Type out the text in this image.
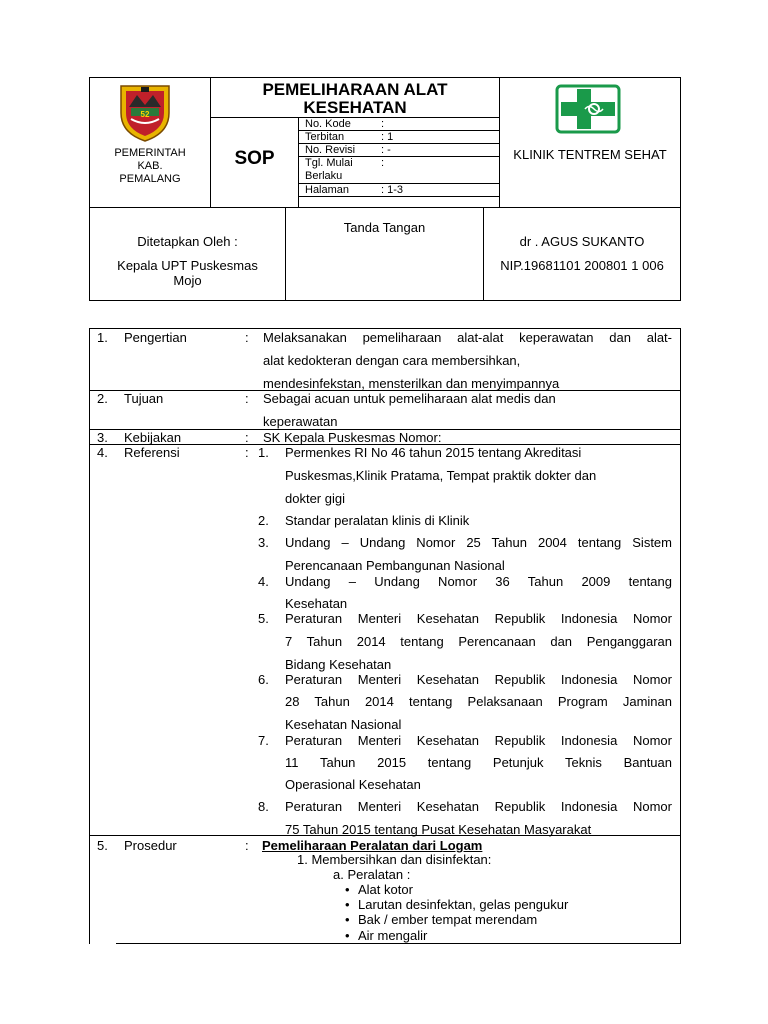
52
PEMERINTAH
KAB.
PEMALANG
PEMELIHARAAN ALAT
KESEHATAN
SOP
No. Kode	:
Terbitan	: 1
No. Revisi : -
Tgl. Mulai	:
Berlaku
Halaman	: 1-3
KLINIK TENTREM SEHAT
Ditetapkan Oleh :
Kepala UPT Puskesmas
Mojo
Tanda Tangan
dr . AGUS SUKANTO
NIP.19681101 200801 1 006
1. Pengertian	: Melaksanakan pemeliharaan alat-alat keperawatan dan alat-
alat kedokteran dengan cara membersihkan,
mendesinfekstan, mensterilkan dan menyimpannya
2. Tujuan	: Sebagai acuan untuk pemeliharaan alat medis dan
keperawatan
3. Kebijakan	: SK Kepala Puskesmas Nomor:
4. Referensi	: 1. Permenkes RI No 46 tahun 2015 tentang Akreditasi
Puskesmas,Klinik Pratama, Tempat praktik dokter dan
dokter gigi
2. Standar peralatan klinis di Klinik
3. Undang – Undang Nomor 25 Tahun 2004 tentang Sistem
Perencanaan Pembangunan Nasional
4. Undang – Undang Nomor 36 Tahun 2009 tentang
Kesehatan
5. Peraturan Menteri Kesehatan Republik Indonesia Nomor
7 Tahun 2014 tentang Perencanaan dan Penganggaran
Bidang Kesehatan
6. Peraturan Menteri Kesehatan Republik Indonesia Nomor
28 Tahun 2014 tentang Pelaksanaan Program Jaminan
Kesehatan Nasional
7. Peraturan Menteri Kesehatan Republik Indonesia Nomor
11 Tahun 2015 tentang Petunjuk Teknis Bantuan
Operasional Kesehatan
8. Peraturan Menteri Kesehatan Republik Indonesia Nomor
75 Tahun 2015 tentang Pusat Kesehatan Masyarakat
5. Prosedur	: Pemeliharaan Peralatan dari Logam
1. Membersihkan dan disinfektan:
a. Peralatan :
• Alat kotor
• Larutan desinfektan, gelas pengukur
• Bak / ember tempat merendam
• Air mengalir
